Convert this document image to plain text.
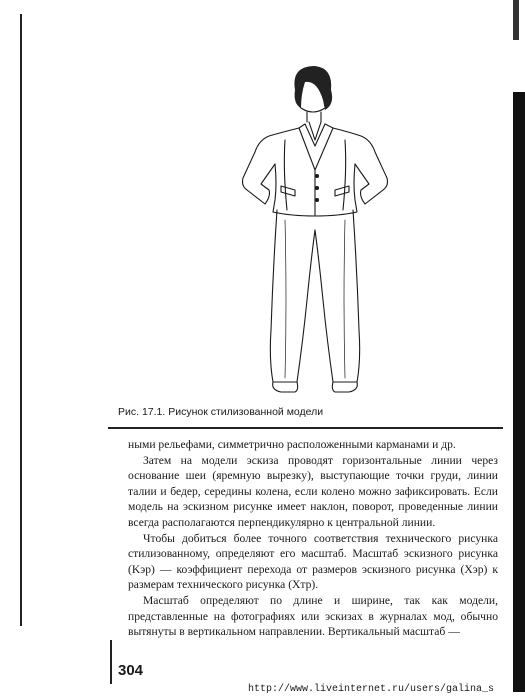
Рис. 17.1. Рисунок стилизованной модели

ными рельефами, симметрично расположенными карманами и др.

Затем на модели эскиза проводят горизонтальные линии через основание шеи (яремную вырезку), выступающие точки груди, линии талии и бедер, середины колена, если колено можно зафиксировать. Если модель на эскизном рисунке имеет наклон, поворот, проведенные линии всегда располагаются перпендикулярно к центральной линии.

Чтобы добиться более точного соответствия технического рисунка стилизованному, определяют его масштаб. Масштаб эскизного рисунка (Kэр) — коэффициент перехода от размеров эскизного рисунка (Xэр) к размерам технического рисунка (Xтр).

Масштаб определяют по длине и ширине, так как модели, представленные на фотографиях или эскизах в журналах мод, обычно вытянуты в вертикальном направлении. Вертикальный масштаб —

304
http://www.liveinternet.ru/users/galina_s
